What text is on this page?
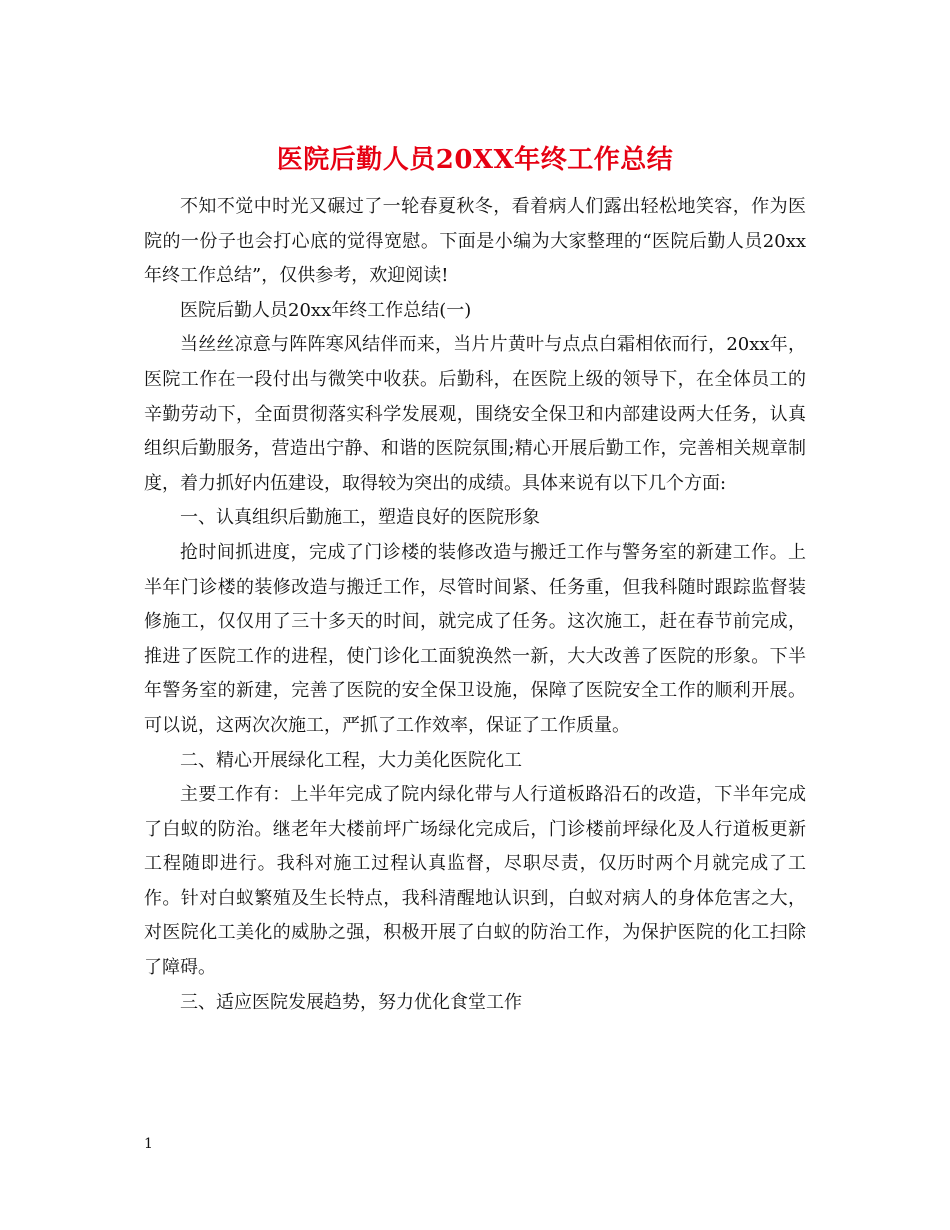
医院后勤人员20XX年终工作总结

不知不觉中时光又碾过了一轮春夏秋冬，看着病人们露出轻松地笑容，作为医院的一份子也会打心底的觉得宽慰。下面是小编为大家整理的“医院后勤人员20xx年终工作总结”，仅供参考，欢迎阅读!

医院后勤人员20xx年终工作总结(一)

当丝丝凉意与阵阵寒风结伴而来，当片片黄叶与点点白霜相依而行，20xx年，医院工作在一段付出与微笑中收获。后勤科，在医院上级的领导下，在全体员工的辛勤劳动下，全面贯彻落实科学发展观，围绕安全保卫和内部建设两大任务，认真组织后勤服务，营造出宁静、和谐的医院氛围;精心开展后勤工作，完善相关规章制度，着力抓好内伍建设，取得较为突出的成绩。具体来说有以下几个方面:

一、认真组织后勤施工，塑造良好的医院形象

抢时间抓进度，完成了门诊楼的装修改造与搬迁工作与警务室的新建工作。上半年门诊楼的装修改造与搬迁工作，尽管时间紧、任务重，但我科随时跟踪监督装修施工，仅仅用了三十多天的时间，就完成了任务。这次施工，赶在春节前完成，推进了医院工作的进程，使门诊化工面貌涣然一新，大大改善了医院的形象。下半年警务室的新建，完善了医院的安全保卫设施，保障了医院安全工作的顺利开展。可以说，这两次次施工，严抓了工作效率，保证了工作质量。

二、精心开展绿化工程，大力美化医院化工

主要工作有：上半年完成了院内绿化带与人行道板路沿石的改造，下半年完成了白蚁的防治。继老年大楼前坪广场绿化完成后，门诊楼前坪绿化及人行道板更新工程随即进行。我科对施工过程认真监督，尽职尽责，仅历时两个月就完成了工作。针对白蚁繁殖及生长特点，我科清醒地认识到，白蚁对病人的身体危害之大，对医院化工美化的威胁之强，积极开展了白蚁的防治工作，为保护医院的化工扫除了障碍。

三、适应医院发展趋势，努力优化食堂工作

1
